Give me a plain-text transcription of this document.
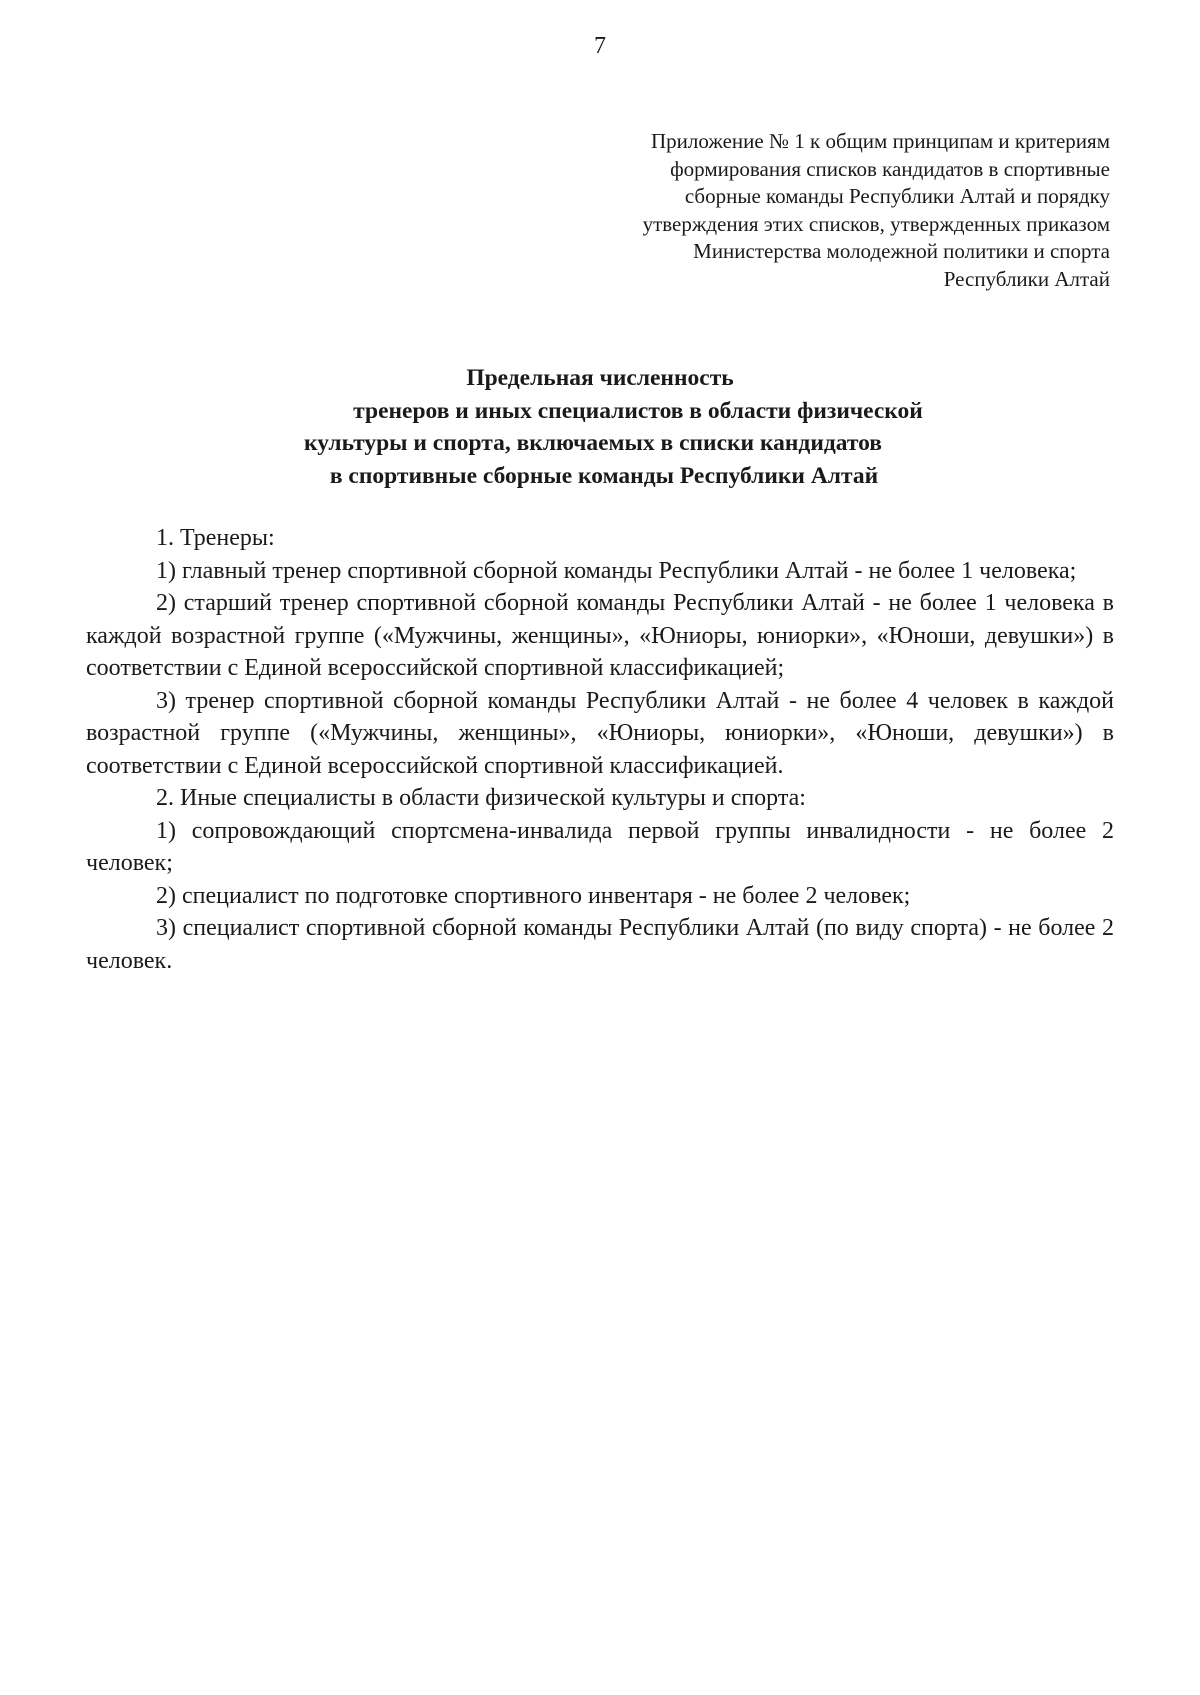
7
Приложение № 1 к общим принципам и критериям
формирования списков кандидатов в спортивные
сборные команды Республики Алтай и порядку
утверждения этих списков, утвержденных приказом
Министерства молодежной политики и спорта
Республики Алтай
Предельная численность
тренеров и иных специалистов в области физической
культуры и спорта, включаемых в списки кандидатов
в спортивные сборные команды Республики Алтай

1. Тренеры:

1) главный тренер спортивной сборной команды Республики Алтай - не более 1 человека;

2) старший тренер спортивной сборной команды Республики Алтай - не более 1 человека в каждой возрастной группе («Мужчины, женщины», «Юниоры, юниорки», «Юноши, девушки») в соответствии с Единой всероссийской спортивной классификацией;

3) тренер спортивной сборной команды Республики Алтай - не более 4 человек в каждой возрастной группе («Мужчины, женщины», «Юниоры, юниорки», «Юноши, девушки») в соответствии с Единой всероссийской спортивной классификацией.

2. Иные специалисты в области физической культуры и спорта:

1) сопровождающий спортсмена-инвалида первой группы инвалидности - не более 2 человек;

2) специалист по подготовке спортивного инвентаря - не более 2 человек;

3) специалист спортивной сборной команды Республики Алтай (по виду спорта) - не более 2 человек.
